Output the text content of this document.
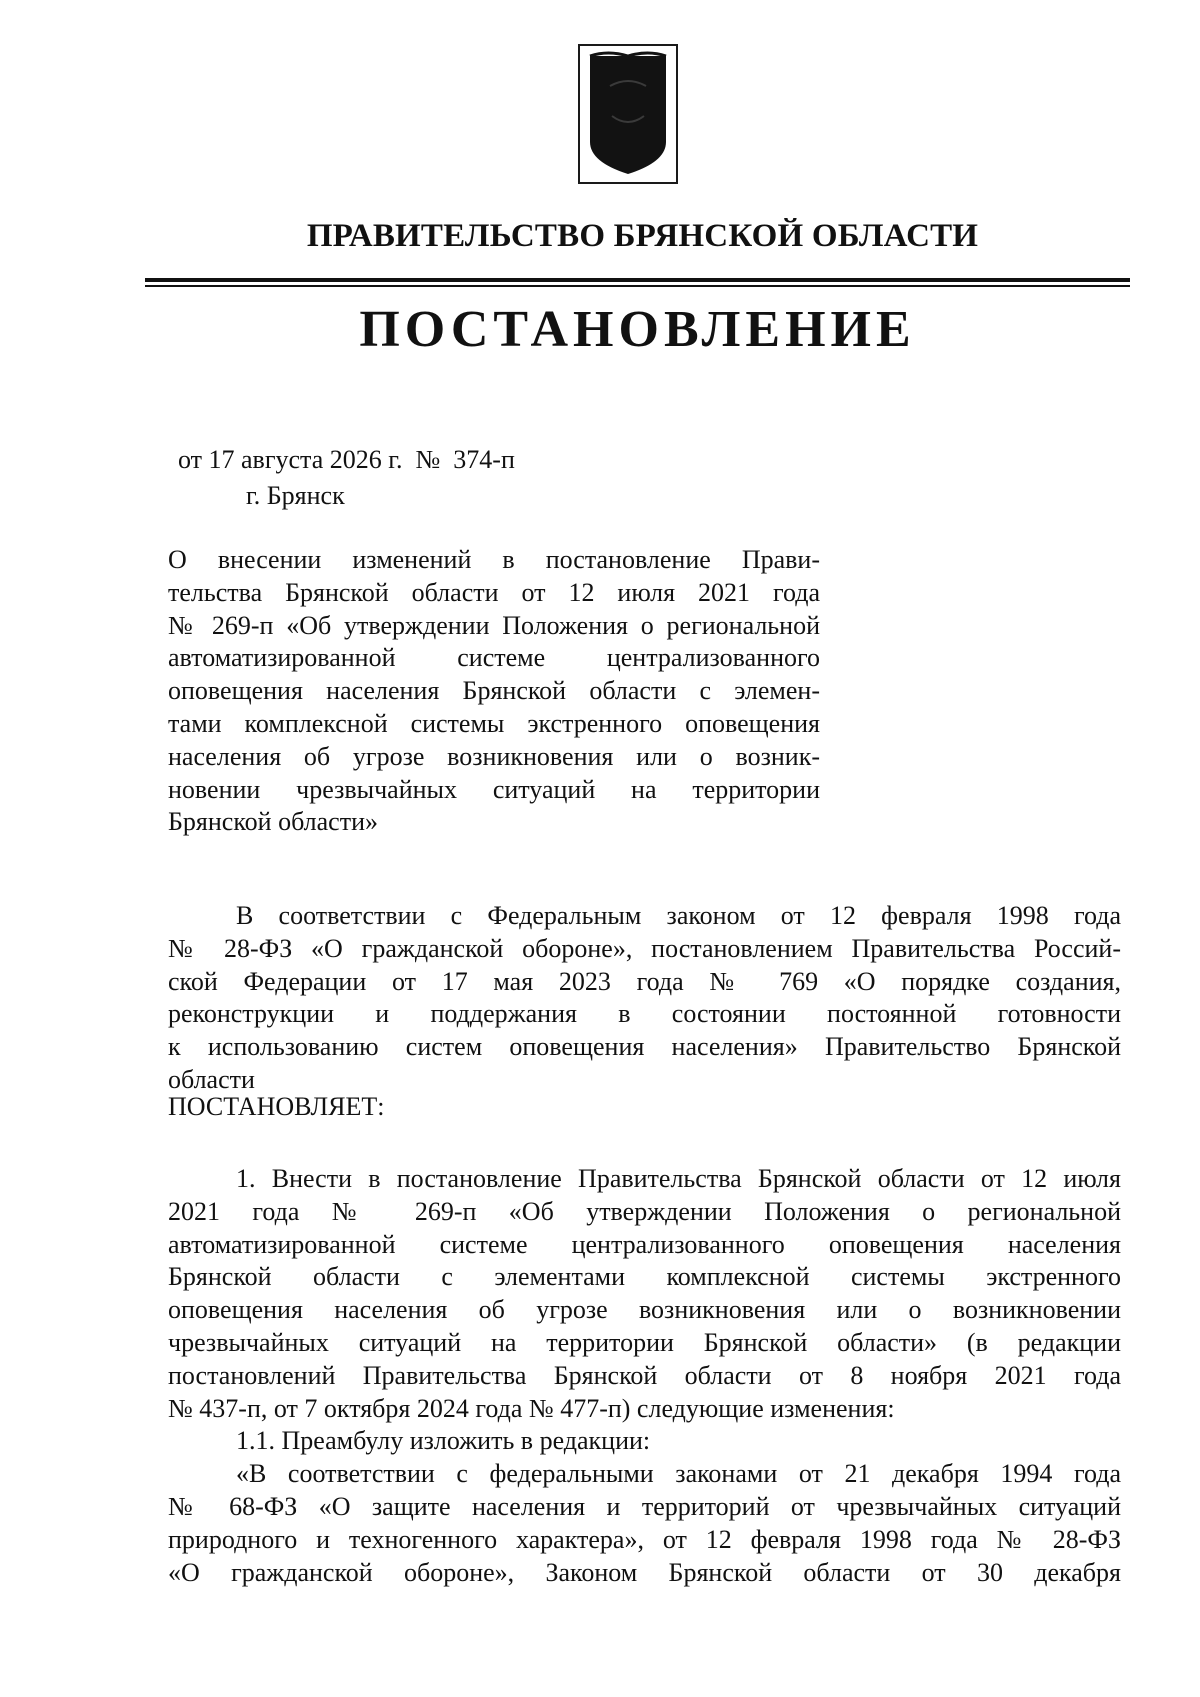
ПРАВИТЕЛЬСТВО БРЯНСКОЙ ОБЛАСТИ
ПОСТАНОВЛЕНИЕ
от 17 августа 2026 г.  №  374-п
г. Брянск
О внесении изменений в постановление Прави-
тельства Брянской области от 12 июля 2021 года
№ 269-п «Об утверждении Положения о региональной
автоматизированной системе централизованного
оповещения населения Брянской области с элемен-
тами комплексной системы экстренного оповещения
населения об угрозе возникновения или о возник-
новении чрезвычайных ситуаций на территории
Брянской области»
В соответствии с Федеральным законом от 12 февраля 1998 года
№ 28-ФЗ «О гражданской обороне», постановлением Правительства Россий-
ской Федерации от 17 мая 2023 года № 769 «О порядке создания,
реконструкции и поддержания в состоянии постоянной готовности
к использованию систем оповещения населения» Правительство Брянской
области
ПОСТАНОВЛЯЕТ:
1. Внести в постановление Правительства Брянской области от 12 июля
2021 года № 269-п «Об утверждении Положения о региональной
автоматизированной системе централизованного оповещения населения
Брянской области с элементами комплексной системы экстренного
оповещения населения об угрозе возникновения или о возникновении
чрезвычайных ситуаций на территории Брянской области» (в редакции
постановлений Правительства Брянской области от 8 ноября 2021 года
№ 437-п, от 7 октября 2024 года № 477-п) следующие изменения:
1.1. Преамбулу изложить в редакции:
«В соответствии с федеральными законами от 21 декабря 1994 года
№ 68-ФЗ «О защите населения и территорий от чрезвычайных ситуаций
природного и техногенного характера», от 12 февраля 1998 года № 28-ФЗ
«О гражданской обороне», Законом Брянской области от 30 декабря
